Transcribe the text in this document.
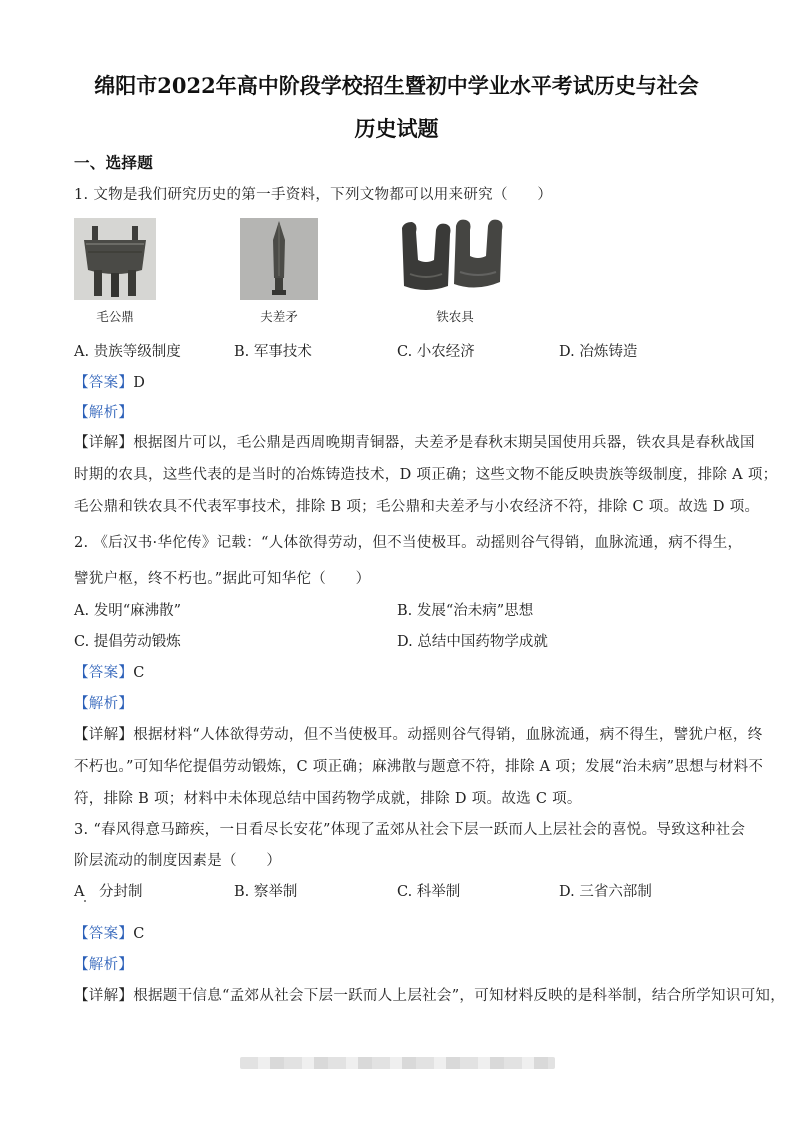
绵阳市2022年高中阶段学校招生暨初中学业水平考试历史与社会
历史试题
一、选择题
1. 文物是我们研究历史的第一手资料，下列文物都可以用来研究（　　）
毛公鼎	夫差矛	铁农具
A. 贵族等级制度	B. 军事技术	C. 小农经济	D. 冶炼铸造
【答案】D
【解析】
【详解】根据图片可以，毛公鼎是西周晚期青铜器，夫差矛是春秋末期吴国使用兵器，铁农具是春秋战国
时期的农具，这些代表的是当时的冶炼铸造技术，D 项正确；这些文物不能反映贵族等级制度，排除 A 项；
毛公鼎和铁农具不代表军事技术，排除 B 项；毛公鼎和夫差矛与小农经济不符，排除 C 项。故选 D 项。
2. 《后汉书·华佗传》记载：“人体欲得劳动，但不当使极耳。动摇则谷气得销，血脉流通，病不得生，
譬犹户枢，终不朽也。”据此可知华佗（　　）
A. 发明“麻沸散”	B. 发展“治未病”思想
C. 提倡劳动锻炼	D. 总结中国药物学成就
【答案】C
【解析】
【详解】根据材料“人体欲得劳动，但不当使极耳。动摇则谷气得销，血脉流通，病不得生，譬犹户枢，终
不朽也。”可知华佗提倡劳动锻炼，C 项正确；麻沸散与题意不符，排除 A 项；发展“治未病”思想与材料不
符，排除 B 项；材料中未体现总结中国药物学成就，排除 D 项。故选 C 项。
3. “春风得意马蹄疾，一日看尽长安花”体现了孟郊从社会下层一跃而人上层社会的喜悦。导致这种社会
阶层流动的制度因素是（　　）
A　分封制	B. 察举制	C. 科举制	D. 三省六部制
【答案】C
【解析】
【详解】根据题干信息“孟郊从社会下层一跃而人上层社会”，可知材料反映的是科举制，结合所学知识可知，
